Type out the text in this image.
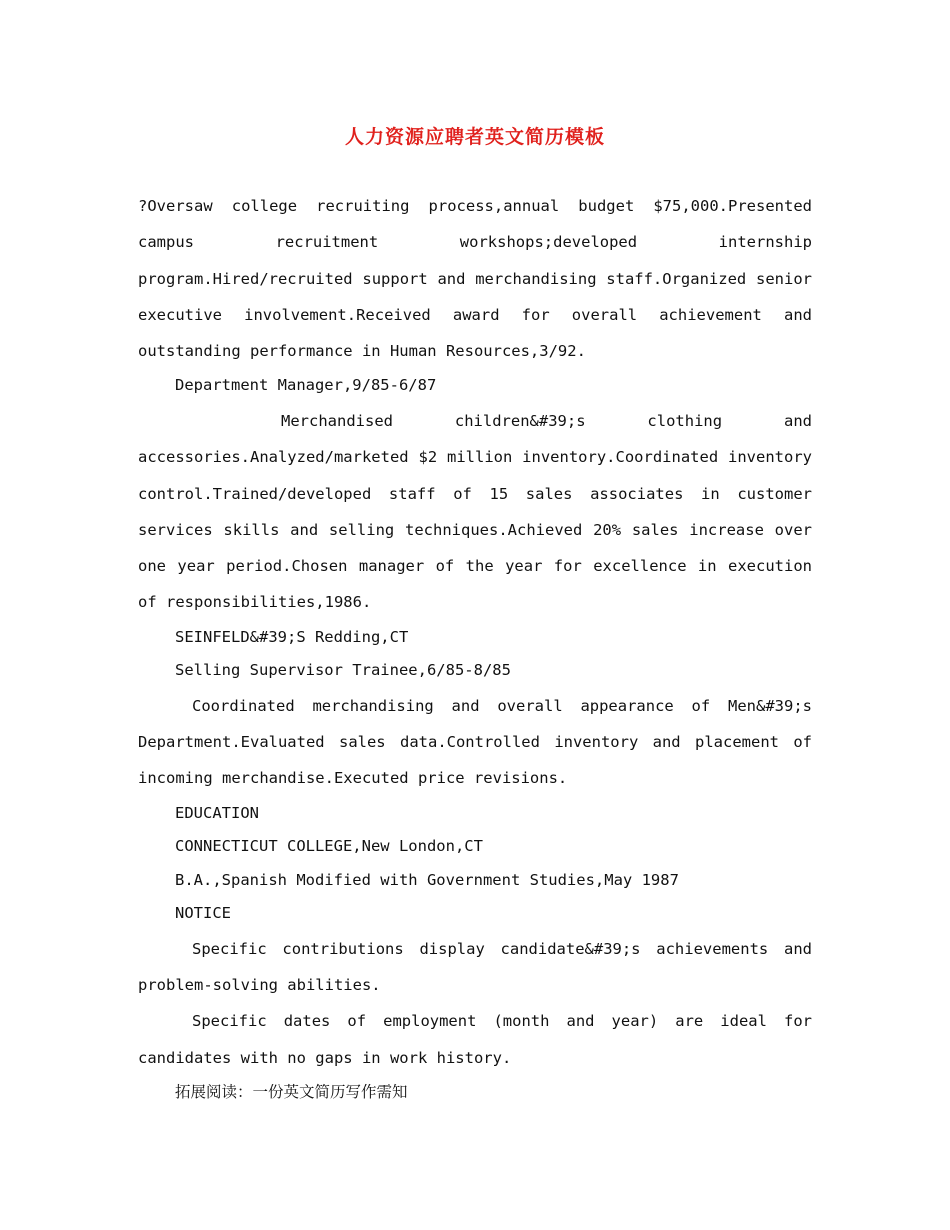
人力资源应聘者英文简历模板

?Oversaw college recruiting process,annual budget $75,000.Presented campus recruitment workshops;developed internship program.Hired/recruited support and merchandising staff.Organized senior executive involvement.Received award for overall achievement and outstanding performance in Human Resources,3/92.

Department Manager,9/85-6/87

Merchandised children&#39;s clothing and accessories.Analyzed/marketed $2 million inventory.Coordinated inventory control.Trained/developed staff of 15 sales associates in customer services skills and selling techniques.Achieved 20% sales increase over one year period.Chosen manager of the year for excellence in execution of responsibilities,1986.

SEINFELD&#39;S Redding,CT

Selling Supervisor Trainee,6/85-8/85

Coordinated merchandising and overall appearance of Men&#39;s Department.Evaluated sales data.Controlled inventory and placement of incoming merchandise.Executed price revisions.

EDUCATION

CONNECTICUT COLLEGE,New London,CT

B.A.,Spanish Modified with Government Studies,May 1987

NOTICE

Specific contributions display candidate&#39;s achievements and problem-solving abilities.

Specific dates of employment (month and year) are ideal for candidates with no gaps in work history.

拓展阅读：一份英文简历写作需知
